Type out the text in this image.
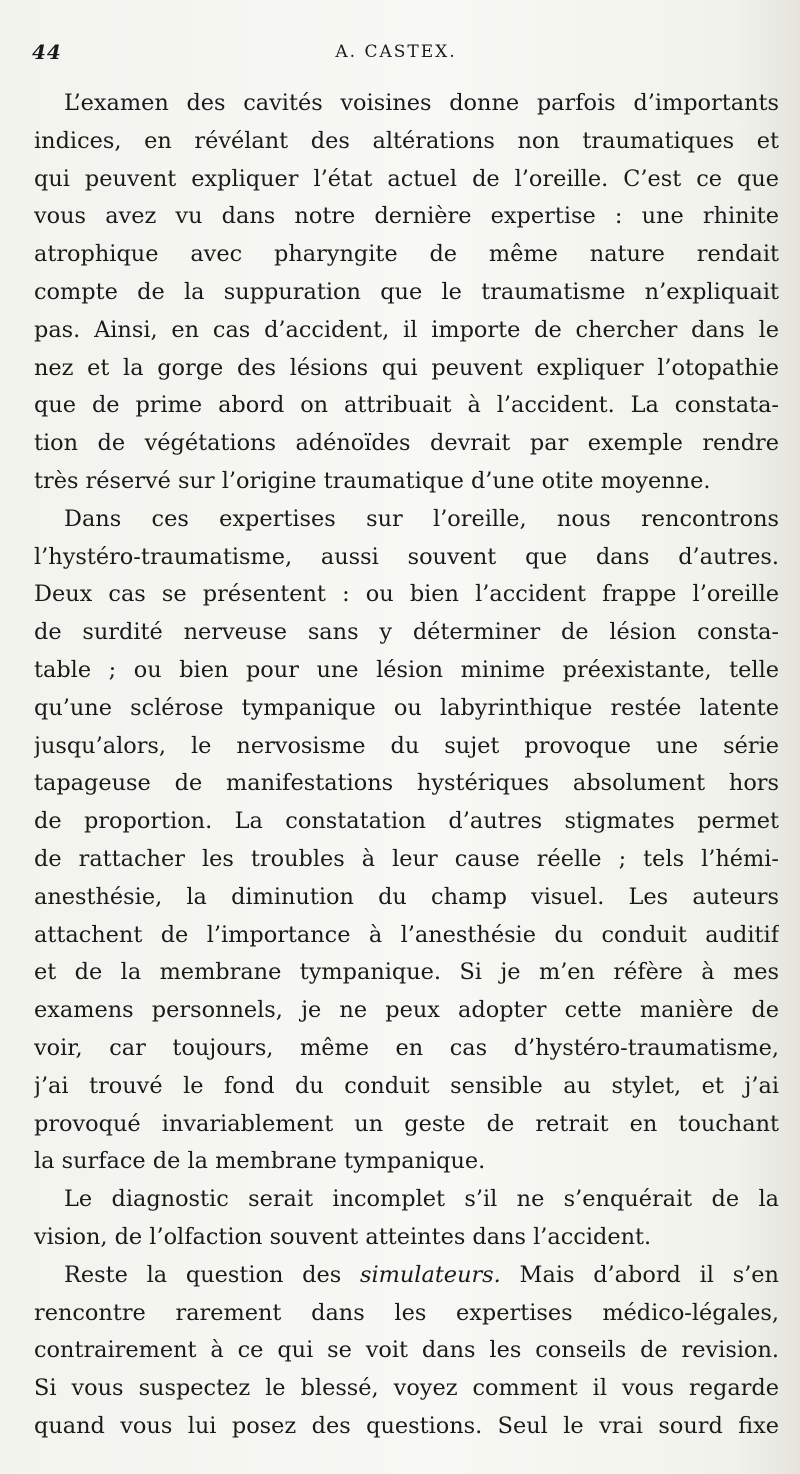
44	A. CASTEX.
L’examen des cavités voisines donne parfois d’importants
indices, en révélant des altérations non traumatiques et
qui peuvent expliquer l’état actuel de l’oreille. C’est ce que
vous avez vu dans notre dernière expertise : une rhinite
atrophique avec pharyngite de même nature rendait
compte de la suppuration que le traumatisme n’expliquait
pas. Ainsi, en cas d’accident, il importe de chercher dans le
nez et la gorge des lésions qui peuvent expliquer l’otopathie
que de prime abord on attribuait à l’accident. La constata-
tion de végétations adénoïdes devrait par exemple rendre
très réservé sur l’origine traumatique d’une otite moyenne.
Dans ces expertises sur l’oreille, nous rencontrons
l’hystéro-traumatisme, aussi souvent que dans d’autres.
Deux cas se présentent : ou bien l’accident frappe l’oreille
de surdité nerveuse sans y déterminer de lésion consta-
table ; ou bien pour une lésion minime préexistante, telle
qu’une sclérose tympanique ou labyrinthique restée latente
jusqu’alors, le nervosisme du sujet provoque une série
tapageuse de manifestations hystériques absolument hors
de proportion. La constatation d’autres stigmates permet
de rattacher les troubles à leur cause réelle ; tels l’hémi-
anesthésie, la diminution du champ visuel. Les auteurs
attachent de l’importance à l’anesthésie du conduit auditif
et de la membrane tympanique. Si je m’en réfère à mes
examens personnels, je ne peux adopter cette manière de
voir, car toujours, même en cas d’hystéro-traumatisme,
j’ai trouvé le fond du conduit sensible au stylet, et j’ai
provoqué invariablement un geste de retrait en touchant
la surface de la membrane tympanique.
Le diagnostic serait incomplet s’il ne s’enquérait de la
vision, de l’olfaction souvent atteintes dans l’accident.
Reste la question des simulateurs. Mais d’abord il s’en
rencontre rarement dans les expertises médico-légales,
contrairement à ce qui se voit dans les conseils de revision.
Si vous suspectez le blessé, voyez comment il vous regarde
quand vous lui posez des questions. Seul le vrai sourd fixe
